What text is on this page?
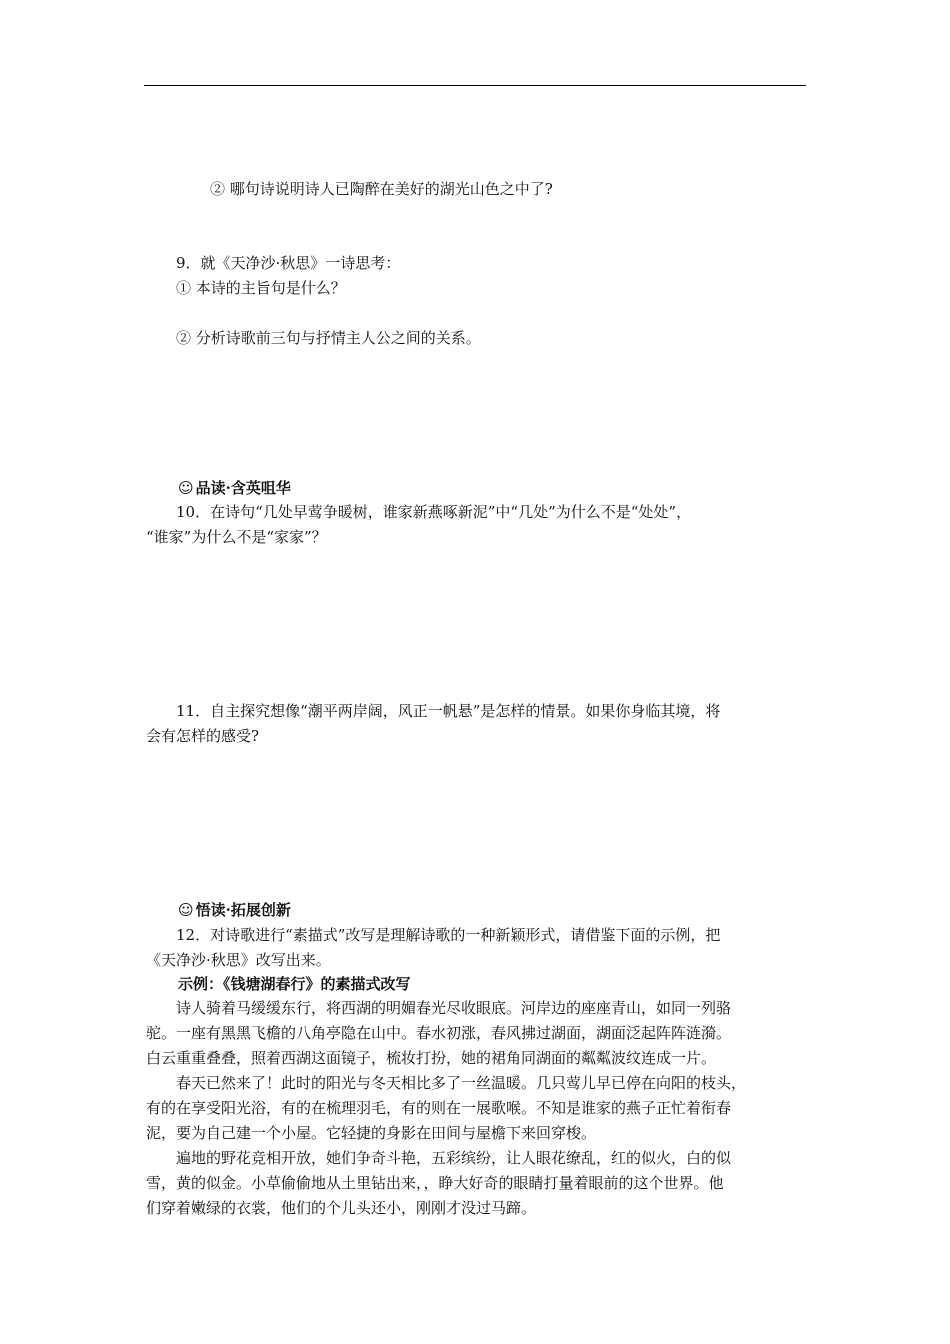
② 哪句诗说明诗人已陶醉在美好的湖光山色之中了?
9．就《天净沙·秋思》一诗思考：
① 本诗的主旨句是什么？
② 分析诗歌前三句与抒情主人公之间的关系。
☺ 品读·含英咀华
10．在诗句“几处早莺争暖树，谁家新燕啄新泥”中“几处”为什么不是“处处”，
“谁家”为什么不是“家家”？
11．自主探究想像“潮平两岸阔，风正一帆悬”是怎样的情景。如果你身临其境，将
会有怎样的感受?
☺ 悟读·拓展创新
12．对诗歌进行“素描式”改写是理解诗歌的一种新颖形式，请借鉴下面的示例，把
《天净沙·秋思》改写出来。
示例：《钱塘湖春行》的素描式改写
诗人骑着马缓缓东行，将西湖的明媚春光尽收眼底。河岸边的座座青山，如同一列骆
驼。一座有黑黑飞檐的八角亭隐在山中。春水初涨，春风拂过湖面，湖面泛起阵阵涟漪。
白云重重叠叠，照着西湖这面镜子，梳妆打扮，她的裙角同湖面的粼粼波纹连成一片。
春天已然来了！此时的阳光与冬天相比多了一丝温暖。几只莺儿早已停在向阳的枝头，
有的在享受阳光浴，有的在梳理羽毛，有的则在一展歌喉。不知是谁家的燕子正忙着衔春
泥，要为自己建一个小屋。它轻捷的身影在田间与屋檐下来回穿梭。
遍地的野花竞相开放，她们争奇斗艳，五彩缤纷，让人眼花缭乱，红的似火，白的似
雪，黄的似金。小草偷偷地从土里钻出来，，睁大好奇的眼睛打量着眼前的这个世界。他
们穿着嫩绿的衣裳，他们的个儿头还小，刚刚才没过马蹄。
